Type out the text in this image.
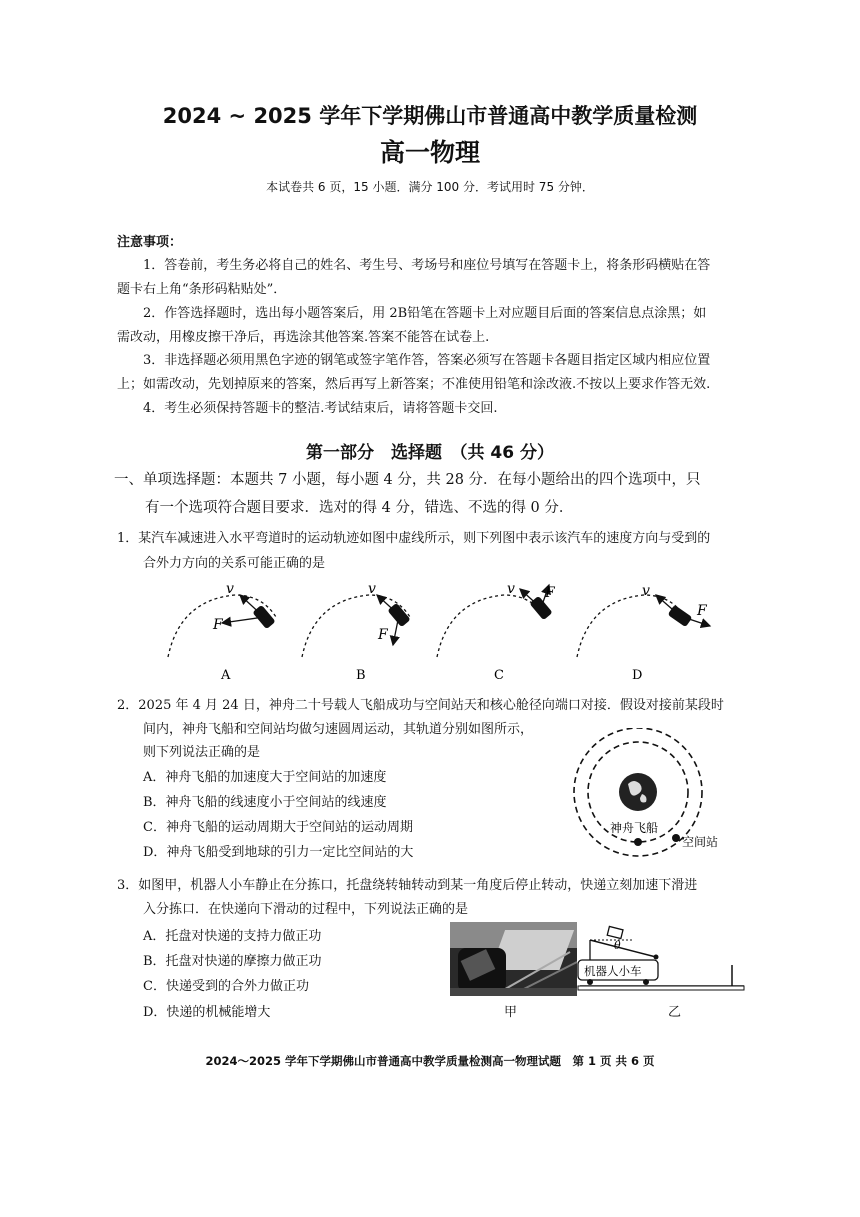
2024 ~ 2025 学年下学期佛山市普通高中教学质量检测
高一物理
本试卷共 6 页，15 小题．满分 100 分．考试用时 75 分钟．
注意事项：
1．答卷前，考生务必将自己的姓名、考生号、考场号和座位号填写在答题卡上，将条形码横贴在答
题卡右上角“条形码粘贴处”．
2．作答选择题时，选出每小题答案后，用 2B铅笔在答题卡上对应题目后面的答案信息点涂黑；如
需改动，用橡皮擦干净后，再选涂其他答案.答案不能答在试卷上.
3．非选择题必须用黑色字迹的钢笔或签字笔作答，答案必须写在答题卡各题目指定区域内相应位置
上；如需改动，先划掉原来的答案，然后再写上新答案；不准使用铅笔和涂改液.不按以上要求作答无效.
4．考生必须保持答题卡的整洁.考试结束后，请将答题卡交回.
第一部分　选择题　（共 46 分）
一、单项选择题：本题共 7 小题，每小题 4 分，共 28 分．在每小题给出的四个选项中，只
有一个选项符合题目要求．选对的得 4 分，错选、不选的得 0 分．
1．某汽车减速进入水平弯道时的运动轨迹如图中虚线所示，则下列图中表示该汽车的速度方向与受到的
合外力方向的关系可能正确的是
v
F
v
F
v F	v
F
A	B	C	D
2．2025 年 4 月 24 日，神舟二十号载人飞船成功与空间站天和核心舱径向端口对接．假设对接前某段时
间内，神舟飞船和空间站均做匀速圆周运动，其轨道分别如图所示，
则下列说法正确的是
A．神舟飞船的加速度大于空间站的加速度
B．神舟飞船的线速度小于空间站的线速度
C．神舟飞船的运动周期大于空间站的运动周期
D．神舟飞船受到地球的引力一定比空间站的大
神舟飞船
空间站
3．如图甲，机器人小车静止在分拣口，托盘绕转轴转动到某一角度后停止转动，快递立刻加速下滑进
入分拣口．在快递向下滑动的过程中，下列说法正确的是
A．托盘对快递的支持力做正功
B．托盘对快递的摩擦力做正功
C．快递受到的合外力做正功
D．快递的机械能增大	甲
θ
机器人小车
乙
2024～2025 学年下学期佛山市普通高中教学质量检测高一物理试题　第 1 页 共 6 页
